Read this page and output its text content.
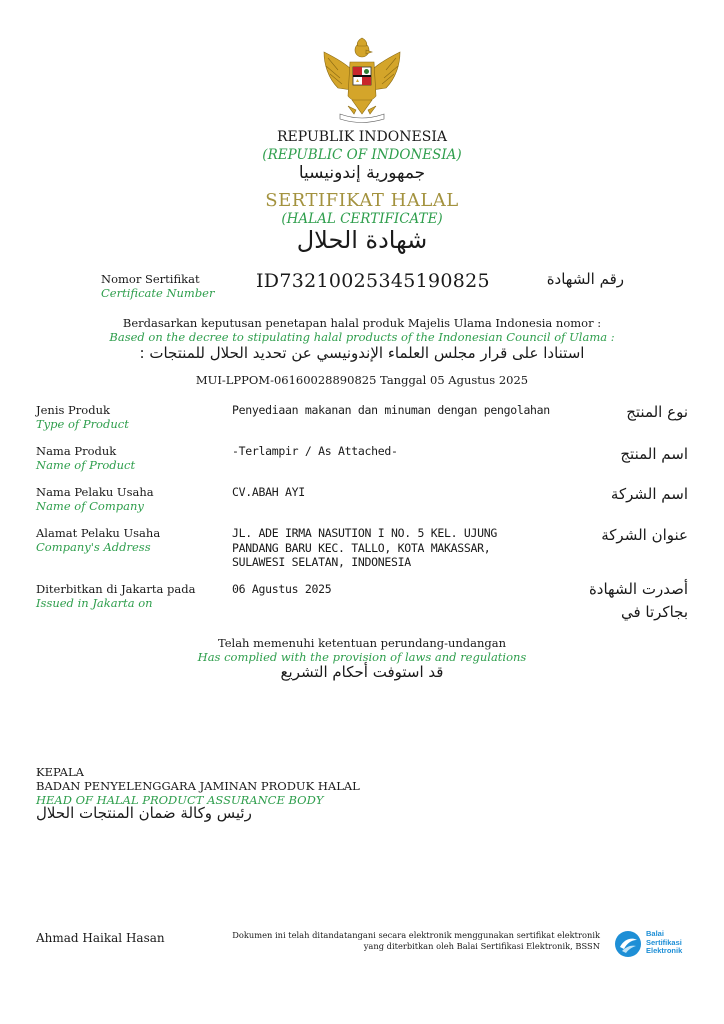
REPUBLIK INDONESIA
(REPUBLIC OF INDONESIA)
جمهورية إندونيسيا
SERTIFIKAT HALAL
(HALAL CERTIFICATE)
شهادة الحلال
Nomor Sertifikat
Certificate Number
ID73210025345190825	رقم الشهادة
Berdasarkan keputusan penetapan halal produk Majelis Ulama Indonesia nomor :
Based on the decree to stipulating halal products of the Indonesian Council of Ulama :
استنادا على قرار مجلس العلماء الإندونيسي عن تحديد الحلال للمنتجات :
MUI-LPPOM-06160028890825 Tanggal 05 Agustus 2025
Jenis Produk
Type of Product
Penyediaan makanan dan minuman dengan pengolahan	نوع المنتج
Nama Produk
Name of Product
-Terlampir / As Attached-	اسم المنتج
Nama Pelaku Usaha
Name of Company
CV.ABAH AYI	اسم الشركة
Alamat Pelaku Usaha
Company's Address
JL. ADE IRMA NASUTION I NO. 5 KEL. UJUNG
PANDANG BARU KEC. TALLO, KOTA MAKASSAR,
SULAWESI SELATAN, INDONESIA
عنوان الشركة
Diterbitkan di Jakarta pada
Issued in Jakarta on
06 Agustus 2025	أصدرت الشهادة
بجاكرتا في
Telah memenuhi ketentuan perundang-undangan
Has complied with the provision of laws and regulations
قد استوفت أحكام التشريع
KEPALA
BADAN PENYELENGGARA JAMINAN PRODUK HALAL
HEAD OF HALAL PRODUCT ASSURANCE BODY
رئيس وكالة ضمان المنتجات الحلال
Ahmad Haikal Hasan	Dokumen ini telah ditandatangani secara elektronik menggunakan sertifikat elektronik
yang diterbitkan oleh Balai Sertifikasi Elektronik, BSSN
Balai
Sertifikasi
Elektronik
